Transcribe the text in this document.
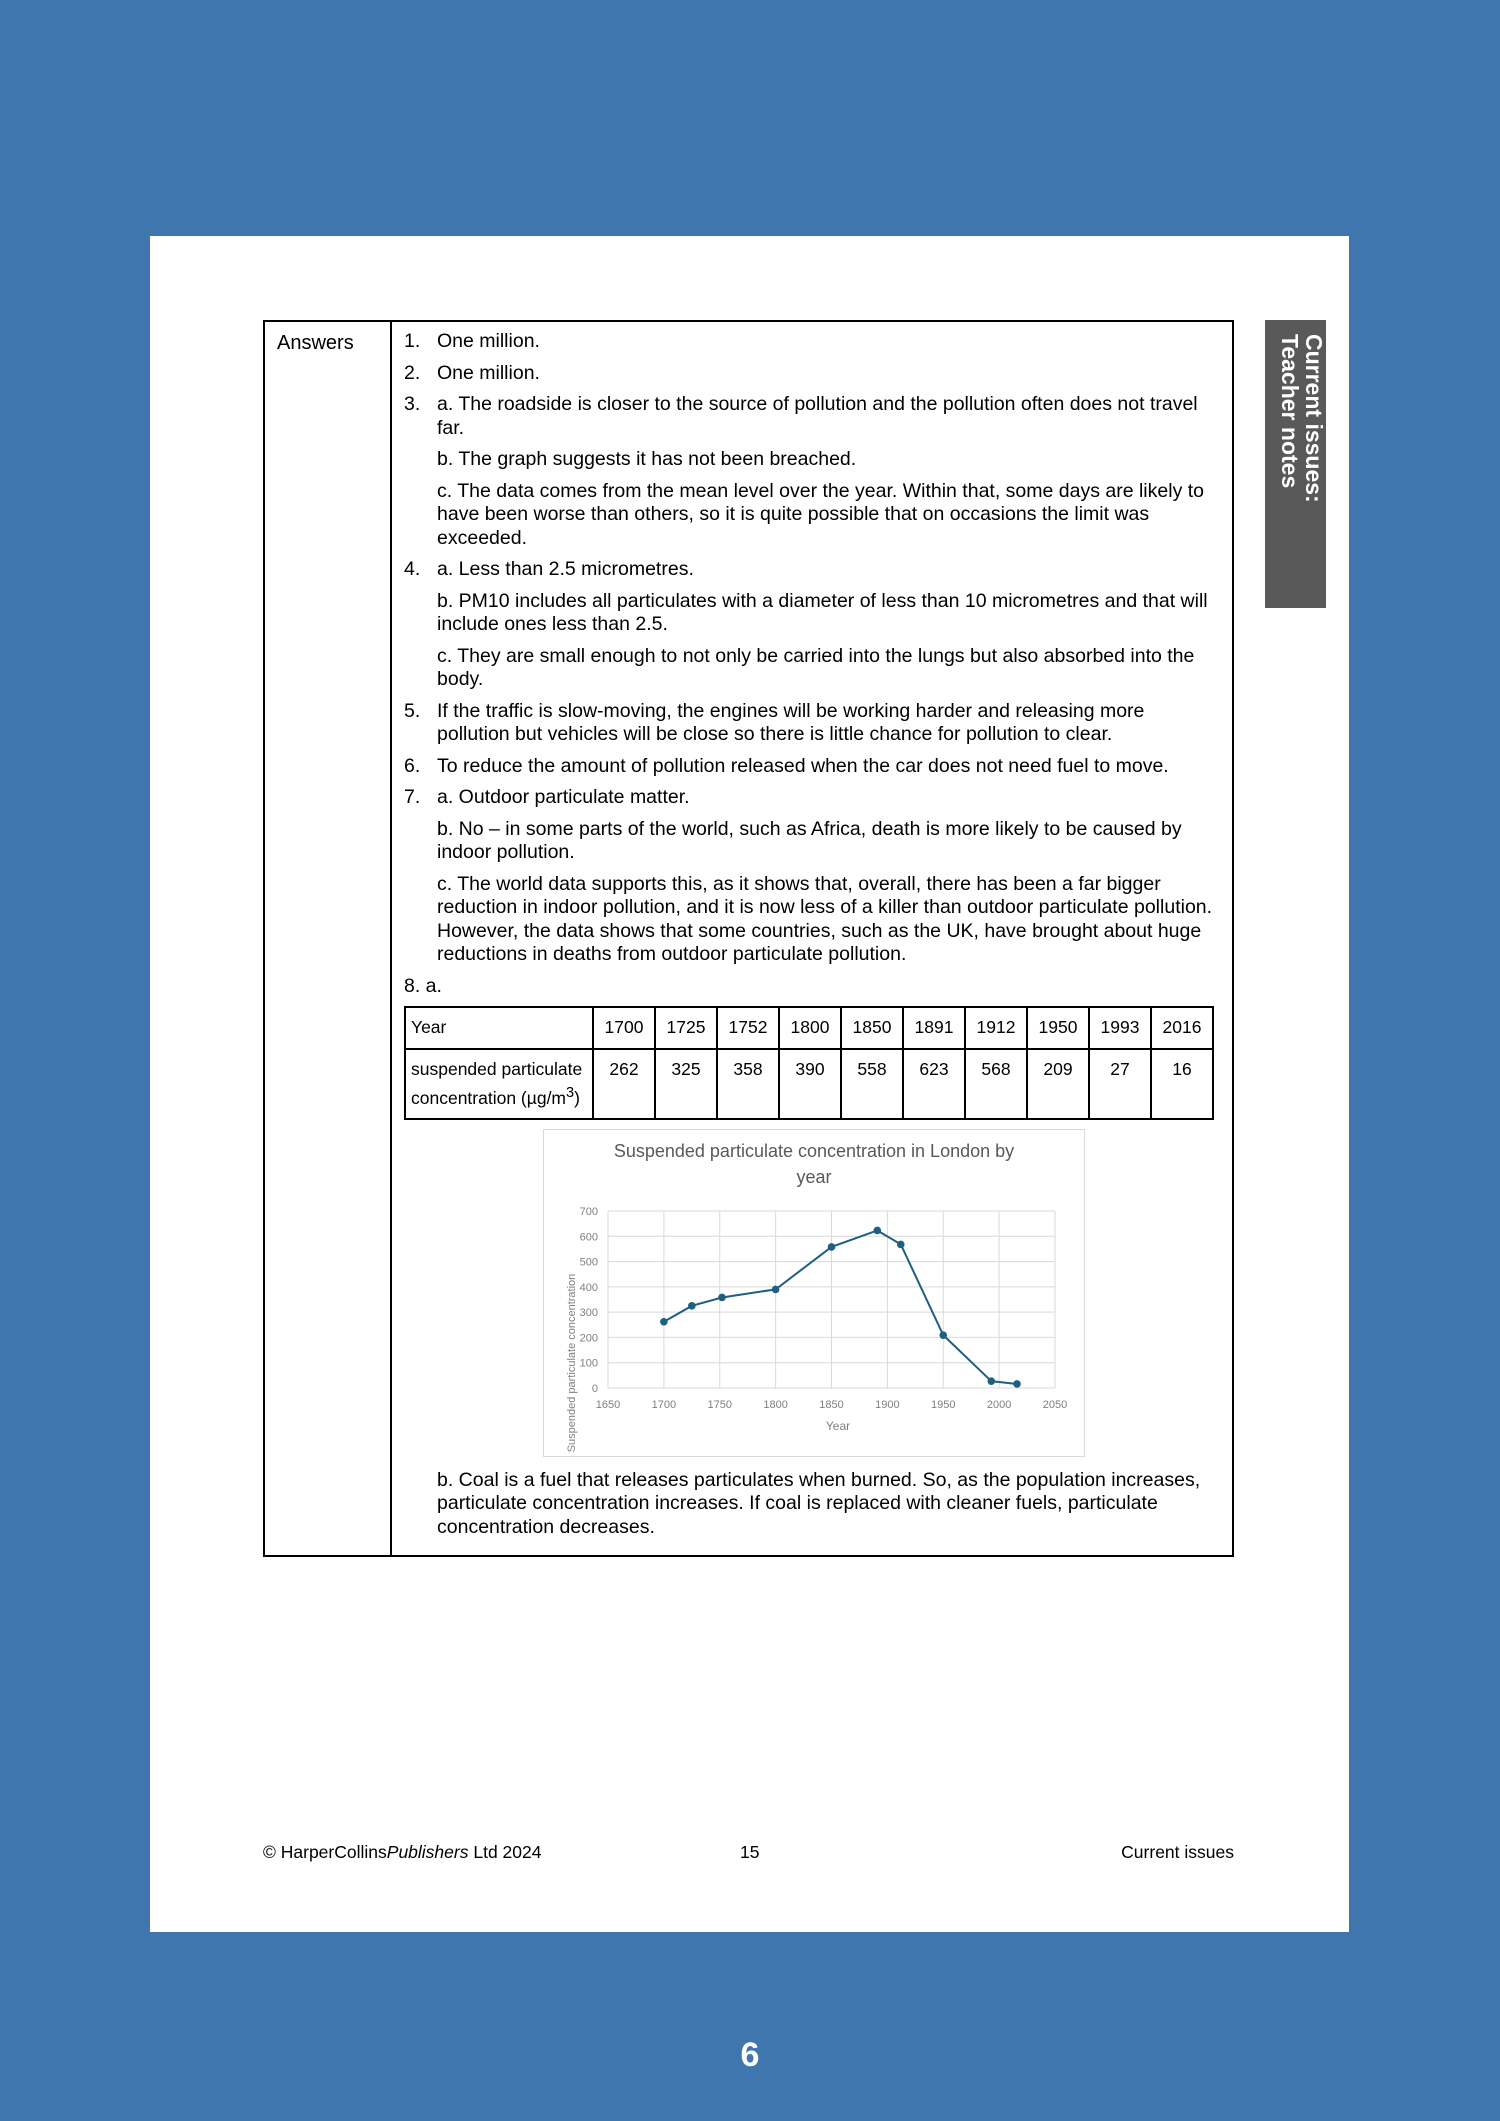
Answers	1. One million.
2. One million.
3. a. The roadside is closer to the source of pollution and the pollution often does not travel far.
b. The graph suggests it has not been breached.
c. The data comes from the mean level over the year. Within that, some days are likely to have been worse than others, so it is quite possible that on occasions the limit was exceeded.
4. a. Less than 2.5 micrometres.
b. PM10 includes all particulates with a diameter of less than 10 micrometres and that will include ones less than 2.5.
c. They are small enough to not only be carried into the lungs but also absorbed into the body.
5. If the traffic is slow-moving, the engines will be working harder and releasing more pollution but vehicles will be close so there is little chance for pollution to clear.
6. To reduce the amount of pollution released when the car does not need fuel to move.
7. a. Outdoor particulate matter.
b. No – in some parts of the world, such as Africa, death is more likely to be caused by indoor pollution.
c. The world data supports this, as it shows that, overall, there has been a far bigger reduction in indoor pollution, and it is now less of a killer than outdoor particulate pollution. However, the data shows that some countries, such as the UK, have brought about huge reductions in deaths from outdoor particulate pollution.
8. a.
Year	1700	1725	1752	1800	1850	1891	1912	1950	1993	2016
suspended particulate concentration $(\mu g/m^3)$	262	325	358	390	558	623	568	209	27	16
Suspended particulate concentration in London by
year
0
100
200
300
400
500
600
700
1650	1700	1750	1800	1850	1900	1950	2000	2050
Year
Suspended particulate concentration
b. Coal is a fuel that releases particulates when burned. So, as the population increases, particulate concentration increases. If coal is replaced with cleaner fuels, particulate concentration decreases.
© HarperCollinsPublishers Ltd 2024	15	Current issues
Current issues:
Teacher notes
6
